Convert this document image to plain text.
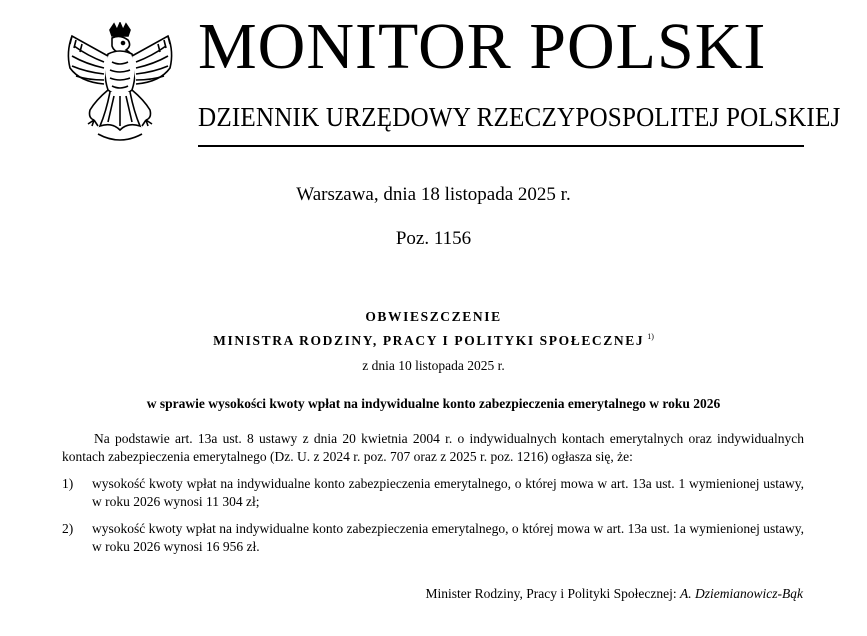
MONITOR POLSKI
DZIENNIK URZĘDOWY RZECZYPOSPOLITEJ POLSKIEJ
Warszawa, dnia 18 listopada 2025 r.
Poz. 1156
OBWIESZCZENIE
MINISTRA RODZINY, PRACY I POLITYKI SPOŁECZNEJ $^{1)}$
z dnia 10 listopada 2025 r.
w sprawie wysokości kwoty wpłat na indywidualne konto zabezpieczenia emerytalnego w roku 2026

Na podstawie art. 13a ust. 8 ustawy z dnia 20 kwietnia 2004 r. o indywidualnych kontach emerytalnych oraz indywidualnych kontach zabezpieczenia emerytalnego (Dz. U. z 2024 r. poz. 707 oraz z 2025 r. poz. 1216) ogłasza się, że:

1)	wysokość kwoty wpłat na indywidualne konto zabezpieczenia emerytalnego, o której mowa w art. 13a ust. 1 wymienionej ustawy, w roku 2026 wynosi 11 304 zł;
2)	wysokość kwoty wpłat na indywidualne konto zabezpieczenia emerytalnego, o której mowa w art. 13a ust. 1a wymienionej ustawy, w roku 2026 wynosi 16 956 zł.
Minister Rodziny, Pracy i Polityki Społecznej: A. Dziemianowicz-Bąk
